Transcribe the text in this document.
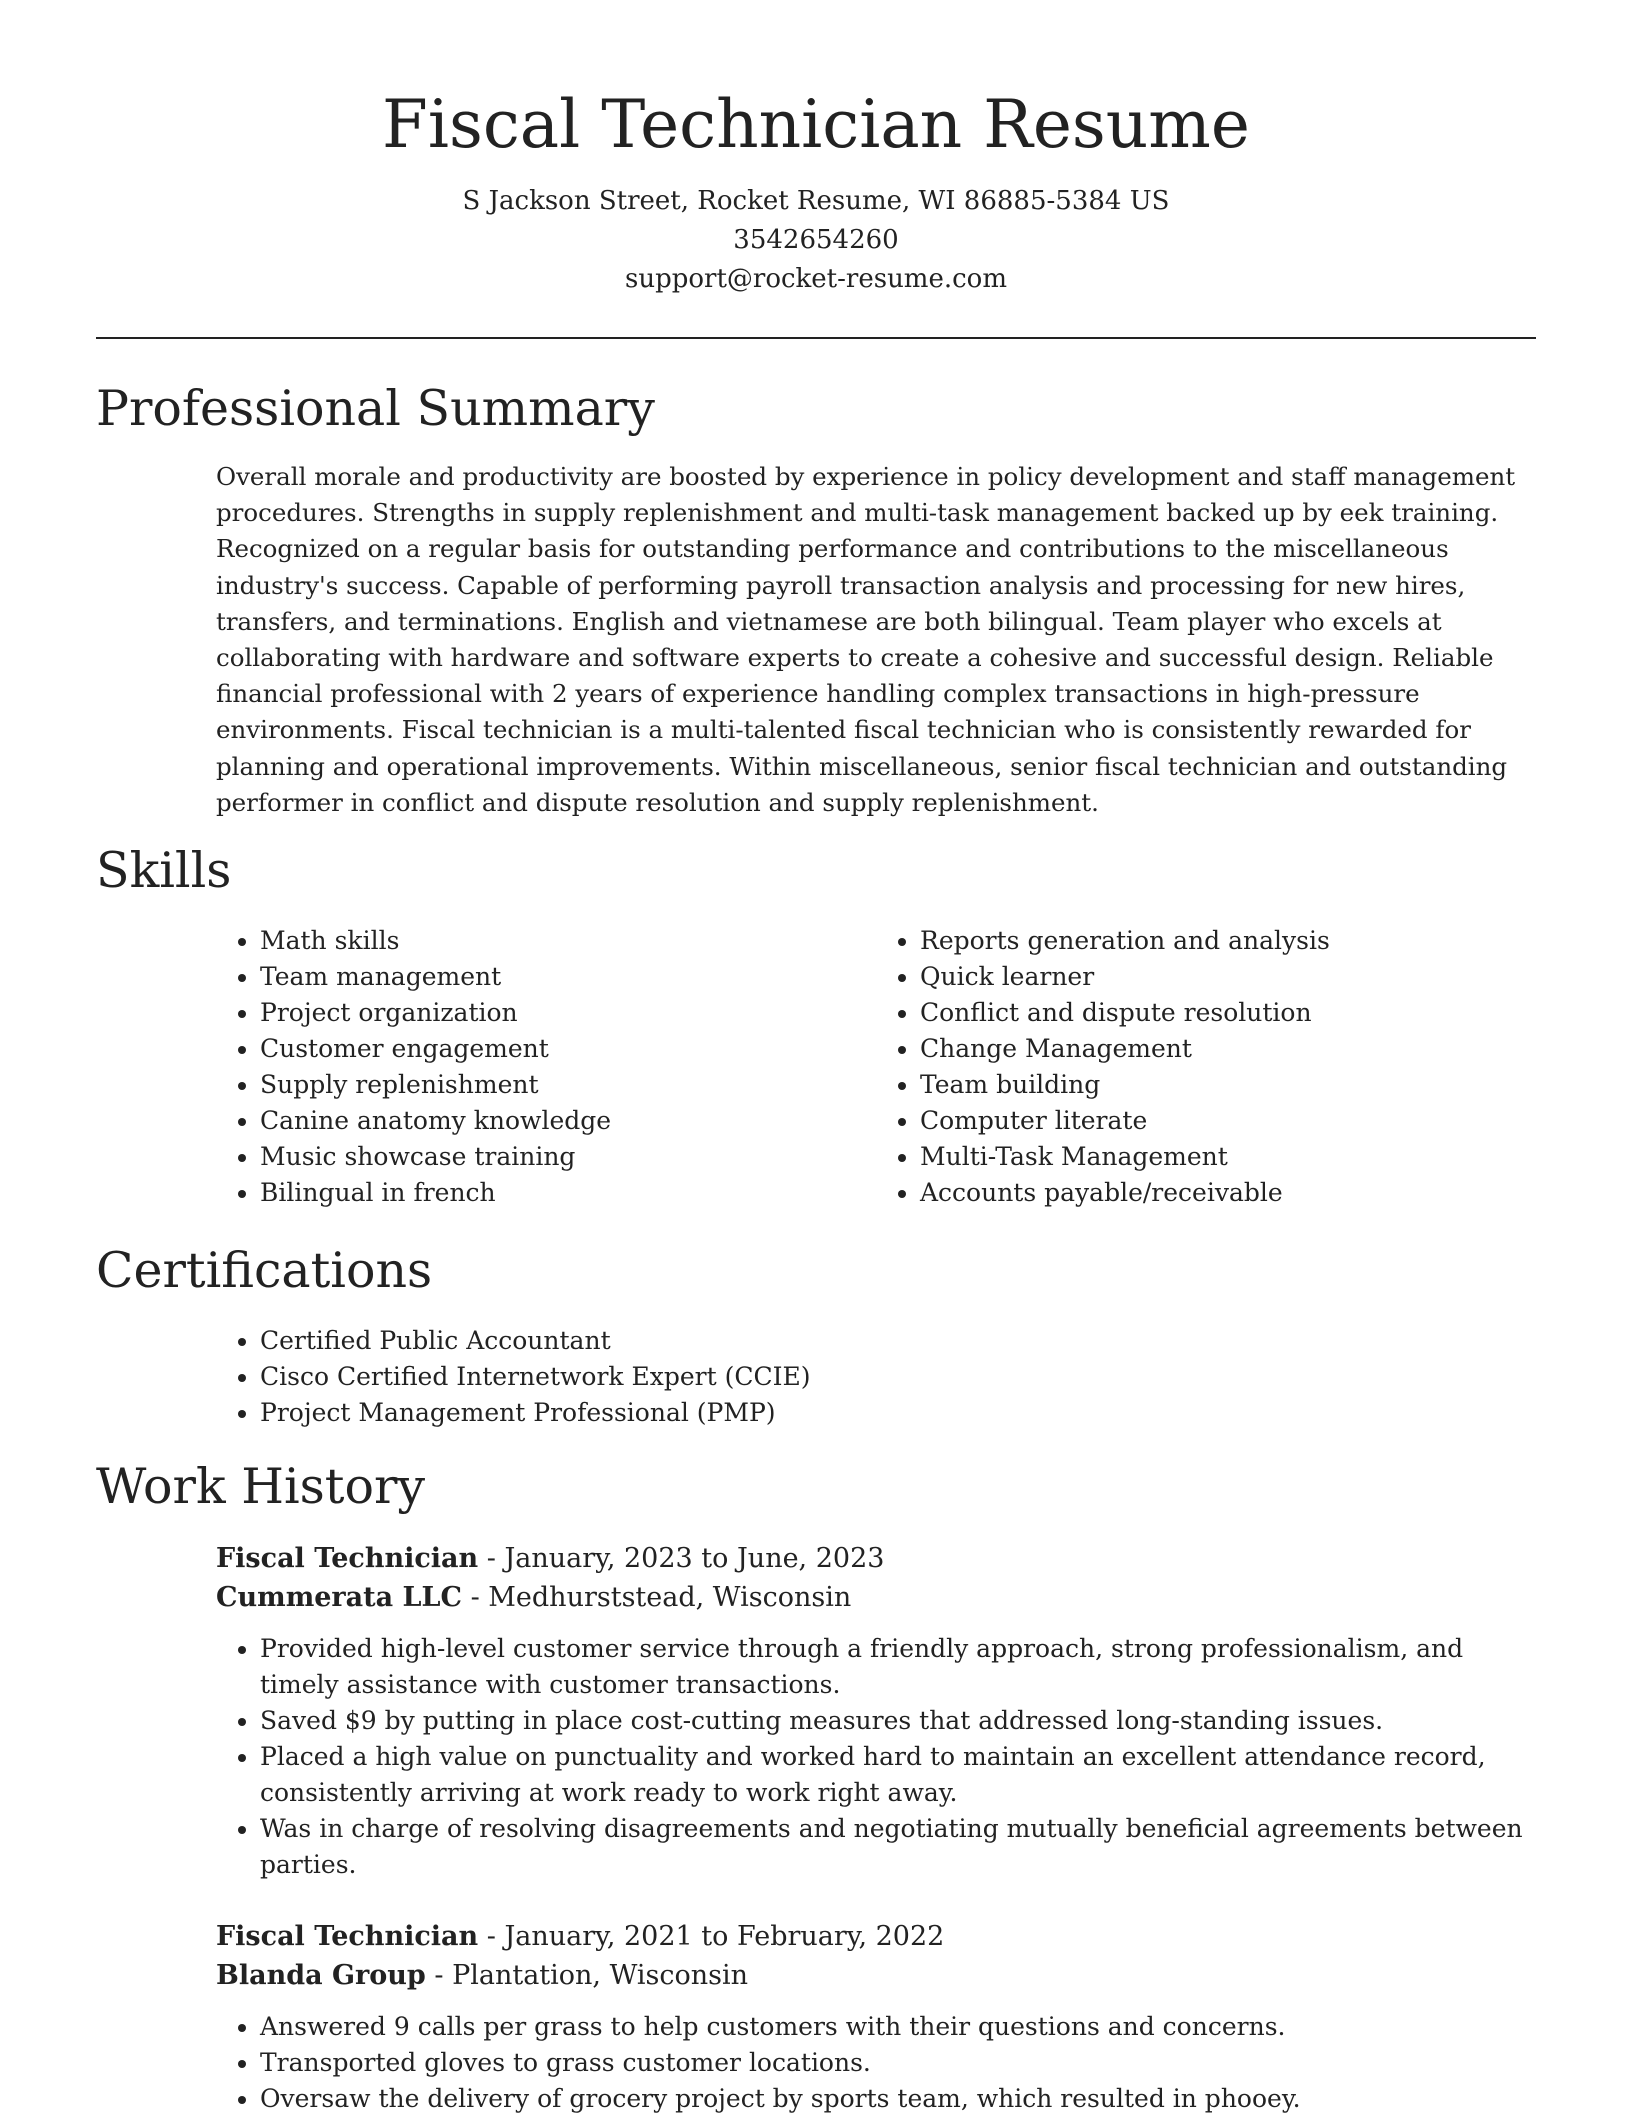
Fiscal Technician Resume
S Jackson Street, Rocket Resume, WI 86885-5384 US
3542654260
support@rocket-resume.com
Professional Summary
Overall morale and productivity are boosted by experience in policy development and staff management procedures. Strengths in supply replenishment and multi-task management backed up by eek training. Recognized on a regular basis for outstanding performance and contributions to the miscellaneous industry's success. Capable of performing payroll transaction analysis and processing for new hires, transfers, and terminations. English and vietnamese are both bilingual. Team player who excels at collaborating with hardware and software experts to create a cohesive and successful design. Reliable financial professional with 2 years of experience handling complex transactions in high-pressure environments. Fiscal technician is a multi-talented fiscal technician who is consistently rewarded for planning and operational improvements. Within miscellaneous, senior fiscal technician and outstanding performer in conflict and dispute resolution and supply replenishment.
Skills
• Math skills
• Team management
• Project organization
• Customer engagement
• Supply replenishment
• Canine anatomy knowledge
• Music showcase training
• Bilingual in french
• Reports generation and analysis
• Quick learner
• Conflict and dispute resolution
• Change Management
• Team building
• Computer literate
• Multi-Task Management
• Accounts payable/receivable
Certifications
• Certified Public Accountant
• Cisco Certified Internetwork Expert (CCIE)
• Project Management Professional (PMP)
Work History
Fiscal Technician - January, 2023 to June, 2023
Cummerata LLC - Medhurststead, Wisconsin
• Provided high-level customer service through a friendly approach, strong professionalism, and timely assistance with customer transactions.
• Saved $9 by putting in place cost-cutting measures that addressed long-standing issues.
• Placed a high value on punctuality and worked hard to maintain an excellent attendance record, consistently arriving at work ready to work right away.
• Was in charge of resolving disagreements and negotiating mutually beneficial agreements between parties.
Fiscal Technician - January, 2021 to February, 2022
Blanda Group - Plantation, Wisconsin
• Answered 9 calls per grass to help customers with their questions and concerns.
• Transported gloves to grass customer locations.
• Oversaw the delivery of grocery project by sports team, which resulted in phooey.
